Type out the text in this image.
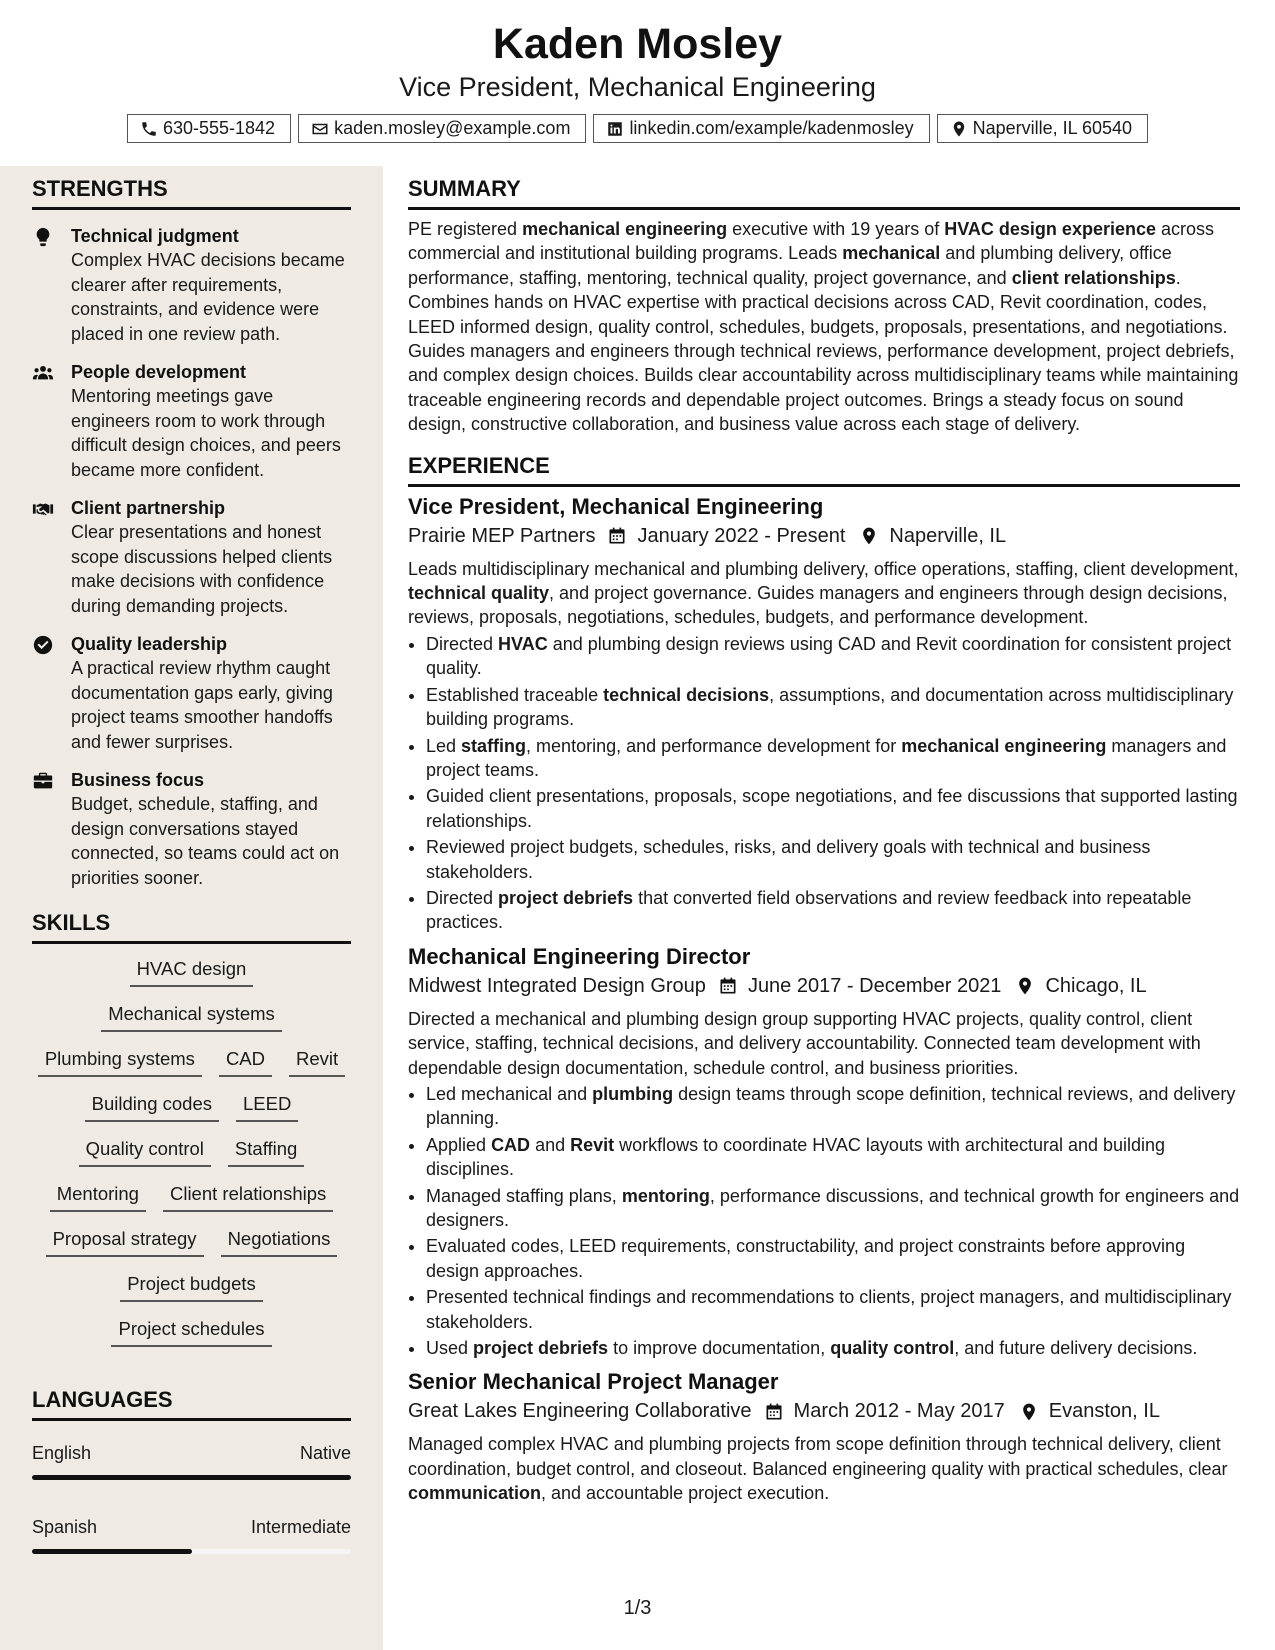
Kaden Mosley
Vice President, Mechanical Engineering
630-555-1842	kaden.mosley@example.com	linkedin.com/example/kadenmosley	Naperville, IL 60540
STRENGTHS
Technical judgment
Complex HVAC decisions became clearer after requirements, constraints, and evidence were placed in one review path.
People development
Mentoring meetings gave engineers room to work through difficult design choices, and peers became more confident.
Client partnership
Clear presentations and honest scope discussions helped clients make decisions with confidence during demanding projects.
Quality leadership
A practical review rhythm caught documentation gaps early, giving project teams smoother handoffs and fewer surprises.
Business focus
Budget, schedule, staffing, and design conversations stayed connected, so teams could act on priorities sooner.
SKILLS
HVAC design
Mechanical systems
Plumbing systems	CAD	Revit
Building codes	LEED
Quality control	Staffing
Mentoring	Client relationships
Proposal strategy	Negotiations
Project budgets
Project schedules
LANGUAGES
English	Native
Spanish	Intermediate
SUMMARY
PE registered mechanical engineering executive with 19 years of HVAC design experience across commercial and institutional building programs. Leads mechanical and plumbing delivery, office performance, staffing, mentoring, technical quality, project governance, and client relationships. Combines hands on HVAC expertise with practical decisions across CAD, Revit coordination, codes, LEED informed design, quality control, schedules, budgets, proposals, presentations, and negotiations. Guides managers and engineers through technical reviews, performance development, project debriefs, and complex design choices. Builds clear accountability across multidisciplinary teams while maintaining traceable engineering records and dependable project outcomes. Brings a steady focus on sound design, constructive collaboration, and business value across each stage of delivery.
EXPERIENCE
Vice President, Mechanical Engineering
Prairie MEP Partners January 2022 - Present Naperville, IL
Leads multidisciplinary mechanical and plumbing delivery, office operations, staffing, client development, technical quality, and project governance. Guides managers and engineers through design decisions, reviews, proposals, negotiations, schedules, budgets, and performance development.
• Directed HVAC and plumbing design reviews using CAD and Revit coordination for consistent project quality.
• Established traceable technical decisions, assumptions, and documentation across multidisciplinary building programs.
• Led staffing, mentoring, and performance development for mechanical engineering managers and project teams.
• Guided client presentations, proposals, scope negotiations, and fee discussions that supported lasting relationships.
• Reviewed project budgets, schedules, risks, and delivery goals with technical and business stakeholders.
• Directed project debriefs that converted field observations and review feedback into repeatable practices.
Mechanical Engineering Director
Midwest Integrated Design Group June 2017 - December 2021 Chicago, IL
Directed a mechanical and plumbing design group supporting HVAC projects, quality control, client service, staffing, technical decisions, and delivery accountability. Connected team development with dependable design documentation, schedule control, and business priorities.
• Led mechanical and plumbing design teams through scope definition, technical reviews, and delivery planning.
• Applied CAD and Revit workflows to coordinate HVAC layouts with architectural and building disciplines.
• Managed staffing plans, mentoring, performance discussions, and technical growth for engineers and designers.
• Evaluated codes, LEED requirements, constructability, and project constraints before approving design approaches.
• Presented technical findings and recommendations to clients, project managers, and multidisciplinary stakeholders.
• Used project debriefs to improve documentation, quality control, and future delivery decisions.
Senior Mechanical Project Manager
Great Lakes Engineering Collaborative March 2012 - May 2017 Evanston, IL
Managed complex HVAC and plumbing projects from scope definition through technical delivery, client coordination, budget control, and closeout. Balanced engineering quality with practical schedules, clear communication, and accountable project execution.
1/3
